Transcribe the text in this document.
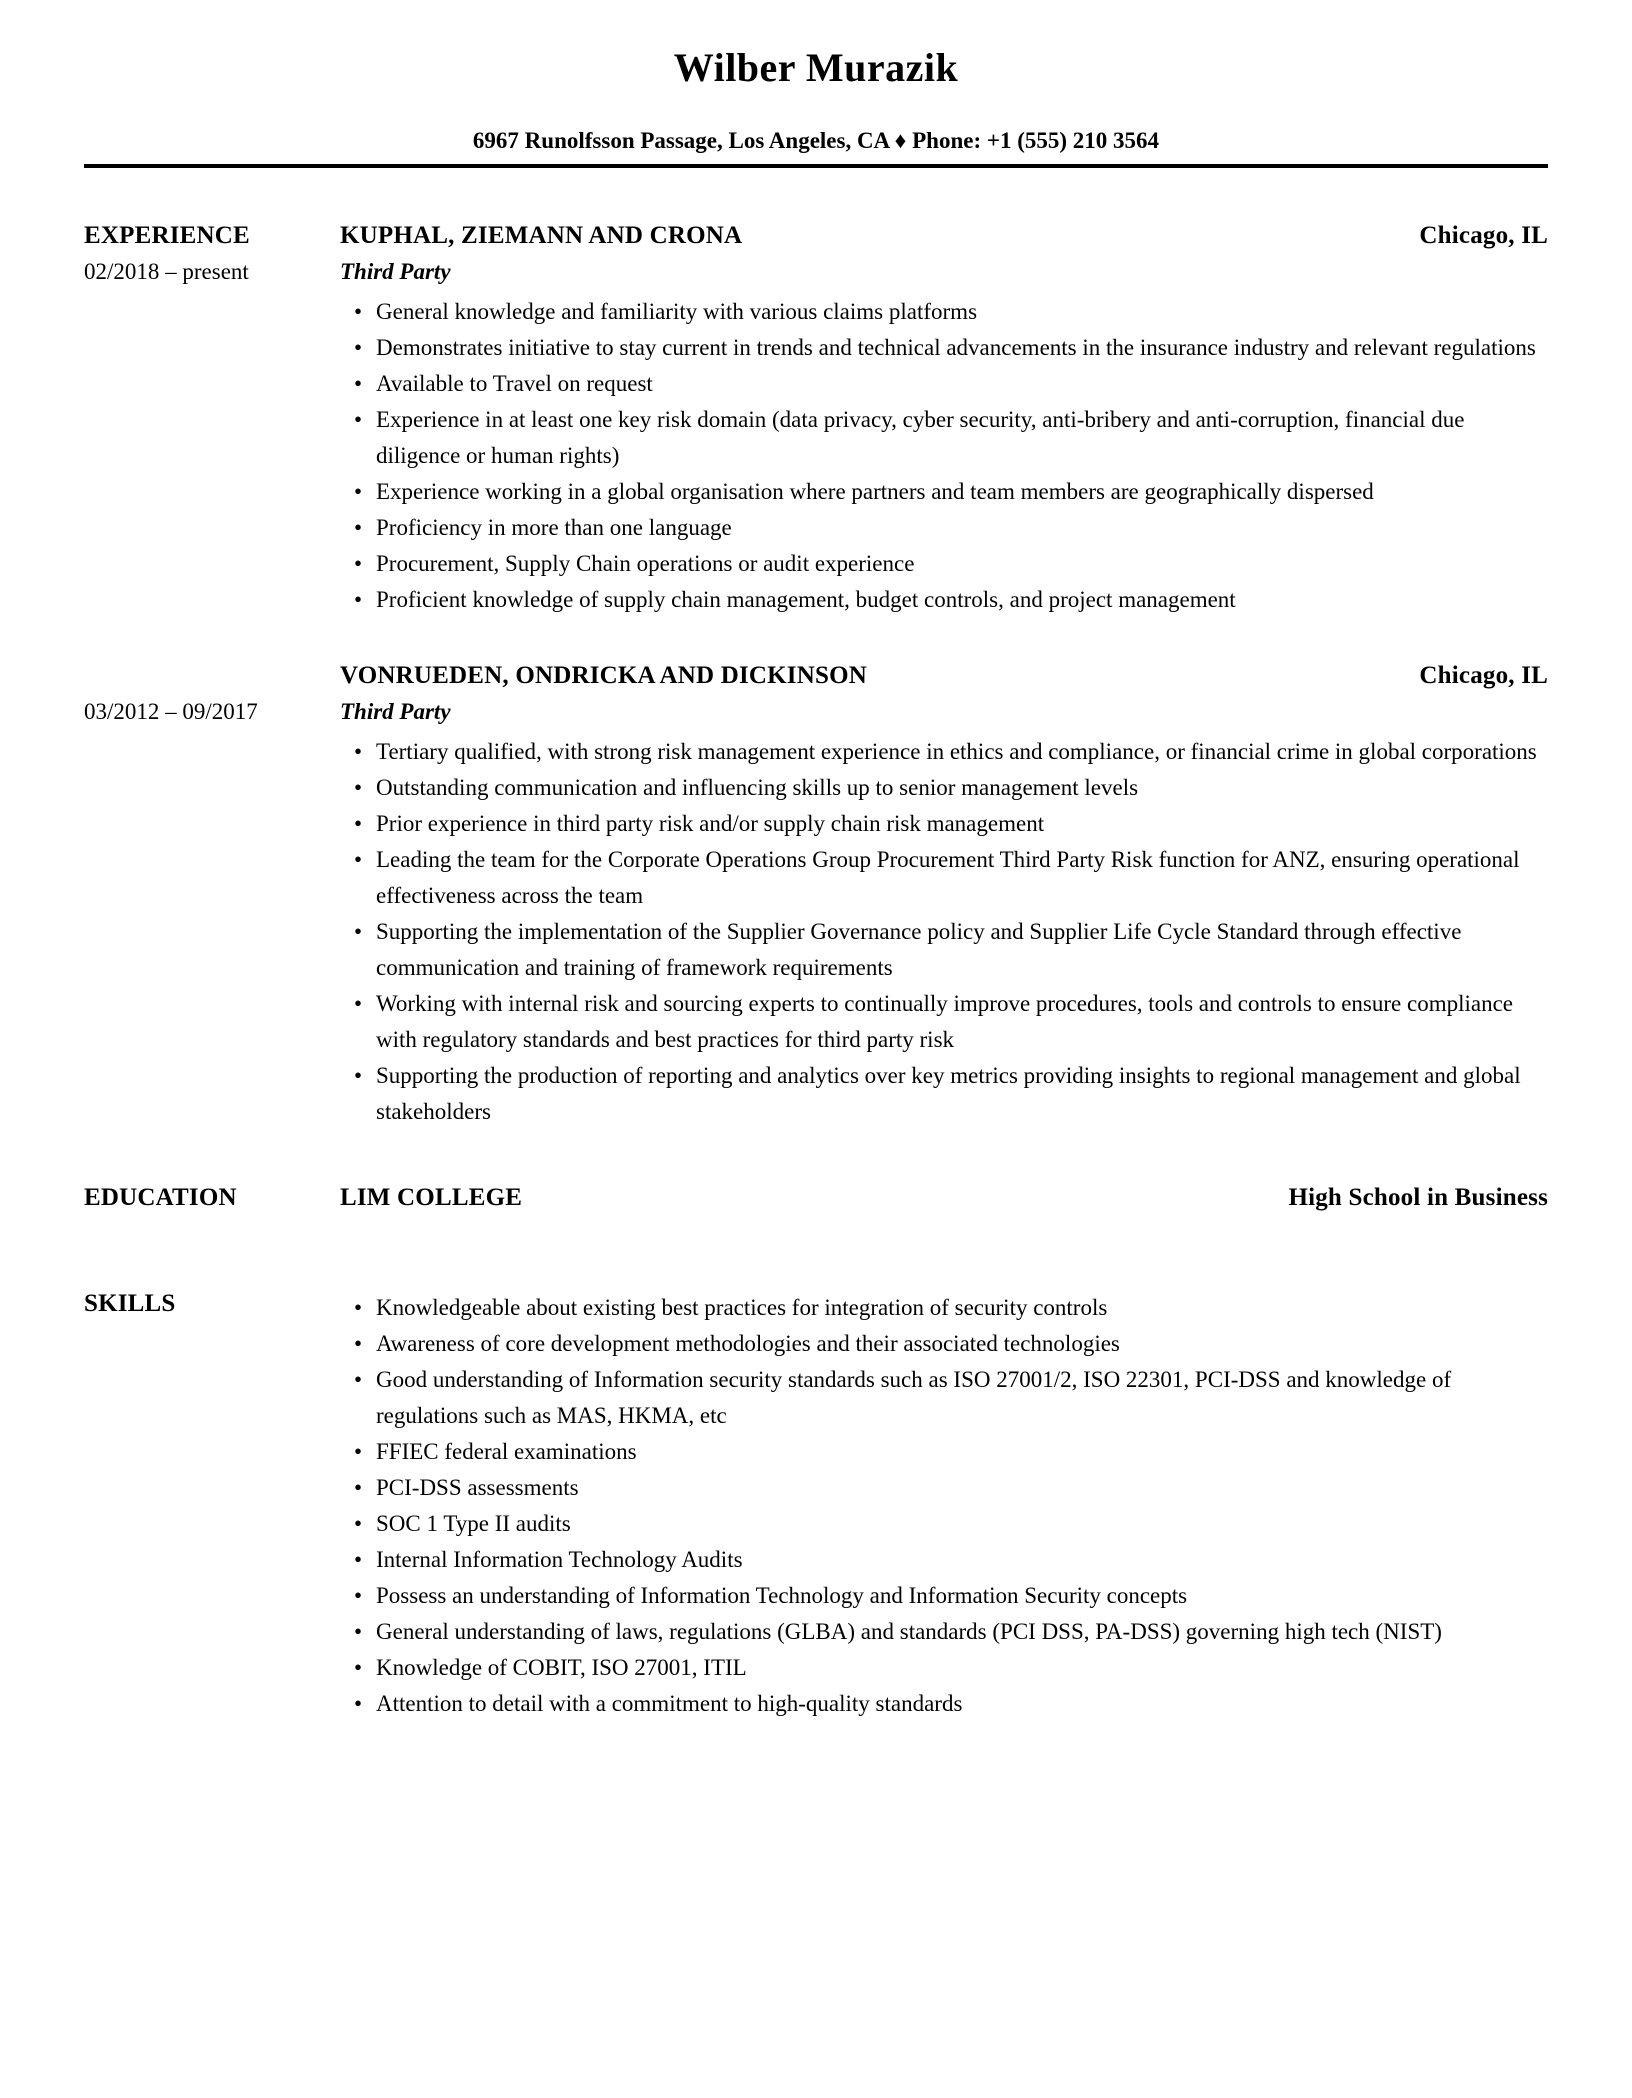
Wilber Murazik
6967 Runolfsson Passage, Los Angeles, CA ♦ Phone: +1 (555) 210 3564
EXPERIENCE
02/2018 – present
KUPHAL, ZIEMANN AND CRONA	Chicago, IL
Third Party
• General knowledge and familiarity with various claims platforms
• Demonstrates initiative to stay current in trends and technical advancements in the insurance industry and relevant regulations
• Available to Travel on request
• Experience in at least one key risk domain (data privacy, cyber security, anti-bribery and anti-corruption, financial due diligence or human rights)
• Experience working in a global organisation where partners and team members are geographically dispersed
• Proficiency in more than one language
• Procurement, Supply Chain operations or audit experience
• Proficient knowledge of supply chain management, budget controls, and project management
03/2012 – 09/2017
VONRUEDEN, ONDRICKA AND DICKINSON	Chicago, IL
Third Party
• Tertiary qualified, with strong risk management experience in ethics and compliance, or financial crime in global corporations
• Outstanding communication and influencing skills up to senior management levels
• Prior experience in third party risk and/or supply chain risk management
• Leading the team for the Corporate Operations Group Procurement Third Party Risk function for ANZ, ensuring operational effectiveness across the team
• Supporting the implementation of the Supplier Governance policy and Supplier Life Cycle Standard through effective communication and training of framework requirements
• Working with internal risk and sourcing experts to continually improve procedures, tools and controls to ensure compliance with regulatory standards and best practices for third party risk
• Supporting the production of reporting and analytics over key metrics providing insights to regional management and global stakeholders
EDUCATION	LIM COLLEGE	High School in Business
SKILLS	• Knowledgeable about existing best practices for integration of security controls
• Awareness of core development methodologies and their associated technologies
• Good understanding of Information security standards such as ISO 27001/2, ISO 22301, PCI-DSS and knowledge of regulations such as MAS, HKMA, etc
• FFIEC federal examinations
• PCI-DSS assessments
• SOC 1 Type II audits
• Internal Information Technology Audits
• Possess an understanding of Information Technology and Information Security concepts
• General understanding of laws, regulations (GLBA) and standards (PCI DSS, PA-DSS) governing high tech (NIST)
• Knowledge of COBIT, ISO 27001, ITIL
• Attention to detail with a commitment to high-quality standards
